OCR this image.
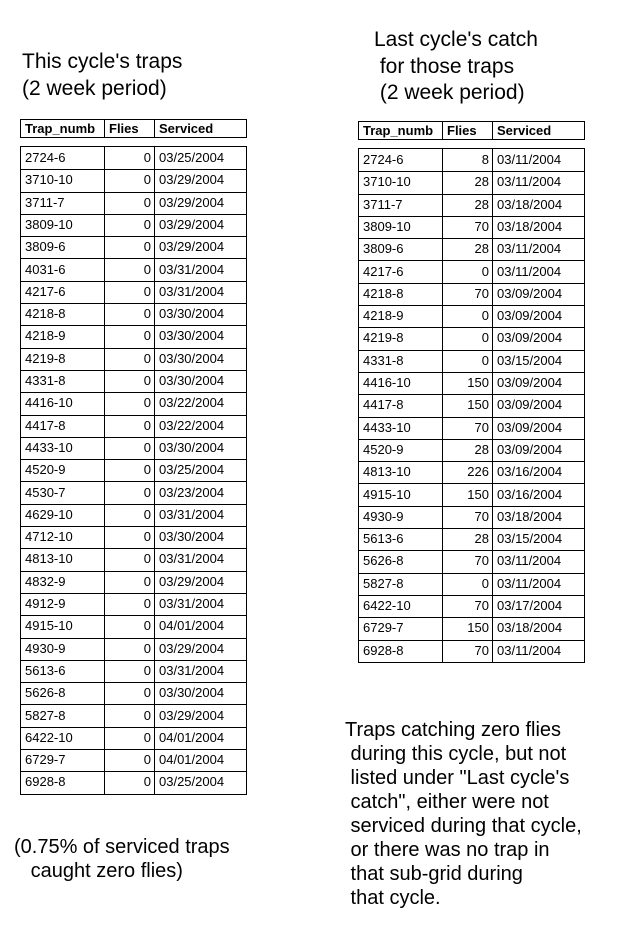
This cycle's traps
(2 week period)
Last cycle's catch
for those traps
(2 week period)
Trap_numb	Flies	Serviced
2724-6	0 03/25/2004
3710-10	0 03/29/2004
3711-7	0 03/29/2004
3809-10	0 03/29/2004
3809-6	0 03/29/2004
4031-6	0 03/31/2004
4217-6	0 03/31/2004
4218-8	0 03/30/2004
4218-9	0 03/30/2004
4219-8	0 03/30/2004
4331-8	0 03/30/2004
4416-10	0 03/22/2004
4417-8	0 03/22/2004
4433-10	0 03/30/2004
4520-9	0 03/25/2004
4530-7	0 03/23/2004
4629-10	0 03/31/2004
4712-10	0 03/30/2004
4813-10	0 03/31/2004
4832-9	0 03/29/2004
4912-9	0 03/31/2004
4915-10	0 04/01/2004
4930-9	0 03/29/2004
5613-6	0 03/31/2004
5626-8	0 03/30/2004
5827-8	0 03/29/2004
6422-10	0 04/01/2004
6729-7	0 04/01/2004
6928-8	0 03/25/2004
Trap_numb	Flies	Serviced
2724-6	8 03/11/2004
3710-10	28 03/11/2004
3711-7	28 03/18/2004
3809-10	70 03/18/2004
3809-6	28 03/11/2004
4217-6	0 03/11/2004
4218-8	70 03/09/2004
4218-9	0 03/09/2004
4219-8	0 03/09/2004
4331-8	0 03/15/2004
4416-10	150 03/09/2004
4417-8	150 03/09/2004
4433-10	70 03/09/2004
4520-9	28 03/09/2004
4813-10	226 03/16/2004
4915-10	150 03/16/2004
4930-9	70 03/18/2004
5613-6	28 03/15/2004
5626-8	70 03/11/2004
5827-8	0 03/11/2004
6422-10	70 03/17/2004
6729-7	150 03/18/2004
6928-8	70 03/11/2004
(0.75% of serviced traps
caught zero flies)
Traps catching zero flies
during this cycle, but not
listed under "Last cycle's
catch", either were not
serviced during that cycle,
or there was no trap in
that sub-grid during
that cycle.
